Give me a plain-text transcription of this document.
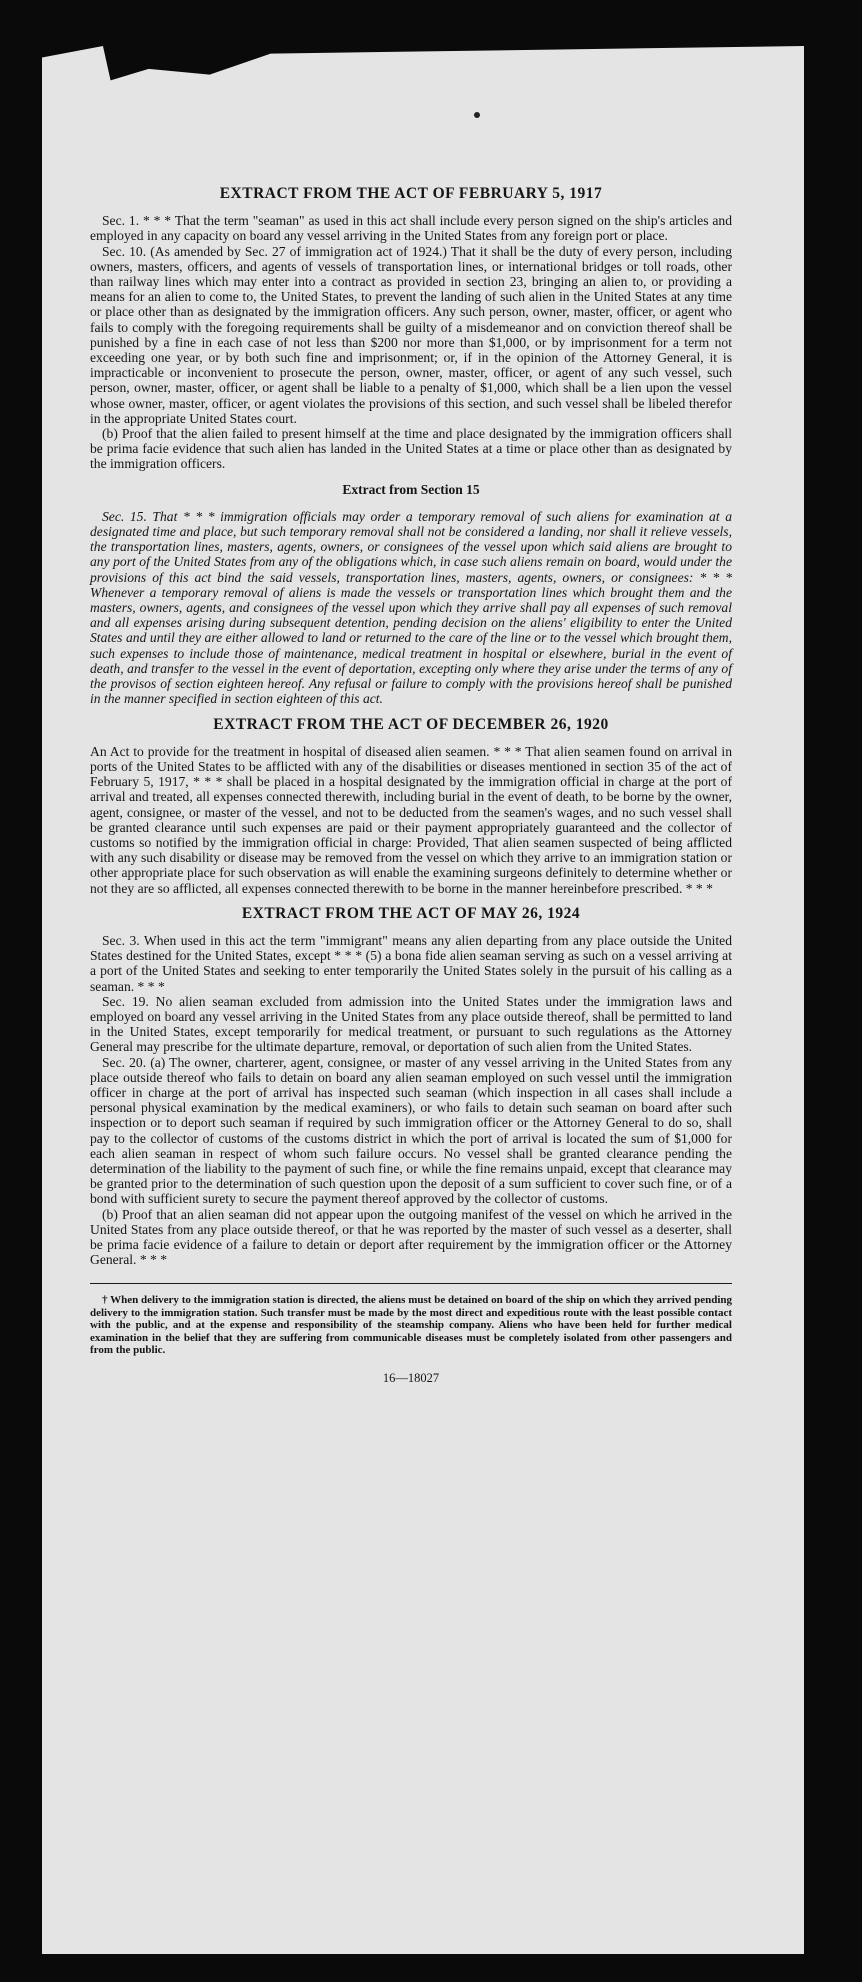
EXTRACT FROM THE ACT OF FEBRUARY 5, 1917

Sec. 1. * * * That the term "seaman" as used in this act shall include every person signed on the ship's articles and employed in any capacity on board any vessel arriving in the United States from any foreign port or place.

Sec. 10. (As amended by Sec. 27 of immigration act of 1924.) That it shall be the duty of every person, including owners, masters, officers, and agents of vessels of transportation lines, or international bridges or toll roads, other than railway lines which may enter into a contract as provided in section 23, bringing an alien to, or providing a means for an alien to come to, the United States, to prevent the landing of such alien in the United States at any time or place other than as designated by the immigration officers. Any such person, owner, master, officer, or agent who fails to comply with the foregoing requirements shall be guilty of a misdemeanor and on conviction thereof shall be punished by a fine in each case of not less than $200 nor more than $1,000, or by imprisonment for a term not exceeding one year, or by both such fine and imprisonment; or, if in the opinion of the Attorney General, it is impracticable or inconvenient to prosecute the person, owner, master, officer, or agent of any such vessel, such person, owner, master, officer, or agent shall be liable to a penalty of $1,000, which shall be a lien upon the vessel whose owner, master, officer, or agent violates the provisions of this section, and such vessel shall be libeled therefor in the appropriate United States court.

(b) Proof that the alien failed to present himself at the time and place designated by the immigration officers shall be prima facie evidence that such alien has landed in the United States at a time or place other than as designated by the immigration officers.

Extract from Section 15

Sec. 15. That * * * immigration officials may order a temporary removal of such aliens for examination at a designated time and place, but such temporary removal shall not be considered a landing, nor shall it relieve vessels, the transportation lines, masters, agents, owners, or consignees of the vessel upon which said aliens are brought to any port of the United States from any of the obligations which, in case such aliens remain on board, would under the provisions of this act bind the said vessels, transportation lines, masters, agents, owners, or consignees: * * * Whenever a temporary removal of aliens is made the vessels or transportation lines which brought them and the masters, owners, agents, and consignees of the vessel upon which they arrive shall pay all expenses of such removal and all expenses arising during subsequent detention, pending decision on the aliens' eligibility to enter the United States and until they are either allowed to land or returned to the care of the line or to the vessel which brought them, such expenses to include those of maintenance, medical treatment in hospital or elsewhere, burial in the event of death, and transfer to the vessel in the event of deportation, excepting only where they arise under the terms of any of the provisos of section eighteen hereof. Any refusal or failure to comply with the provisions hereof shall be punished in the manner specified in section eighteen of this act.

EXTRACT FROM THE ACT OF DECEMBER 26, 1920

An Act to provide for the treatment in hospital of diseased alien seamen. * * * That alien seamen found on arrival in ports of the United States to be afflicted with any of the disabilities or diseases mentioned in section 35 of the act of February 5, 1917, * * * shall be placed in a hospital designated by the immigration official in charge at the port of arrival and treated, all expenses connected therewith, including burial in the event of death, to be borne by the owner, agent, consignee, or master of the vessel, and not to be deducted from the seamen's wages, and no such vessel shall be granted clearance until such expenses are paid or their payment appropriately guaranteed and the collector of customs so notified by the immigration official in charge: Provided, That alien seamen suspected of being afflicted with any such disability or disease may be removed from the vessel on which they arrive to an immigration station or other appropriate place for such observation as will enable the examining surgeons definitely to determine whether or not they are so afflicted, all expenses connected therewith to be borne in the manner hereinbefore prescribed. * * *

EXTRACT FROM THE ACT OF MAY 26, 1924

Sec. 3. When used in this act the term "immigrant" means any alien departing from any place outside the United States destined for the United States, except * * * (5) a bona fide alien seaman serving as such on a vessel arriving at a port of the United States and seeking to enter temporarily the United States solely in the pursuit of his calling as a seaman. * * *

Sec. 19. No alien seaman excluded from admission into the United States under the immigration laws and employed on board any vessel arriving in the United States from any place outside thereof, shall be permitted to land in the United States, except temporarily for medical treatment, or pursuant to such regulations as the Attorney General may prescribe for the ultimate departure, removal, or deportation of such alien from the United States.

Sec. 20. (a) The owner, charterer, agent, consignee, or master of any vessel arriving in the United States from any place outside thereof who fails to detain on board any alien seaman employed on such vessel until the immigration officer in charge at the port of arrival has inspected such seaman (which inspection in all cases shall include a personal physical examination by the medical examiners), or who fails to detain such seaman on board after such inspection or to deport such seaman if required by such immigration officer or the Attorney General to do so, shall pay to the collector of customs of the customs district in which the port of arrival is located the sum of $1,000 for each alien seaman in respect of whom such failure occurs. No vessel shall be granted clearance pending the determination of the liability to the payment of such fine, or while the fine remains unpaid, except that clearance may be granted prior to the determination of such question upon the deposit of a sum sufficient to cover such fine, or of a bond with sufficient surety to secure the payment thereof approved by the collector of customs.

(b) Proof that an alien seaman did not appear upon the outgoing manifest of the vessel on which he arrived in the United States from any place outside thereof, or that he was reported by the master of such vessel as a deserter, shall be prima facie evidence of a failure to detain or deport after requirement by the immigration officer or the Attorney General. * * *

† When delivery to the immigration station is directed, the aliens must be detained on board of the ship on which they arrived pending delivery to the immigration station. Such transfer must be made by the most direct and expeditious route with the least possible contact with the public, and at the expense and responsibility of the steamship company. Aliens who have been held for further medical examination in the belief that they are suffering from communicable diseases must be completely isolated from other passengers and from the public.
16—18027
